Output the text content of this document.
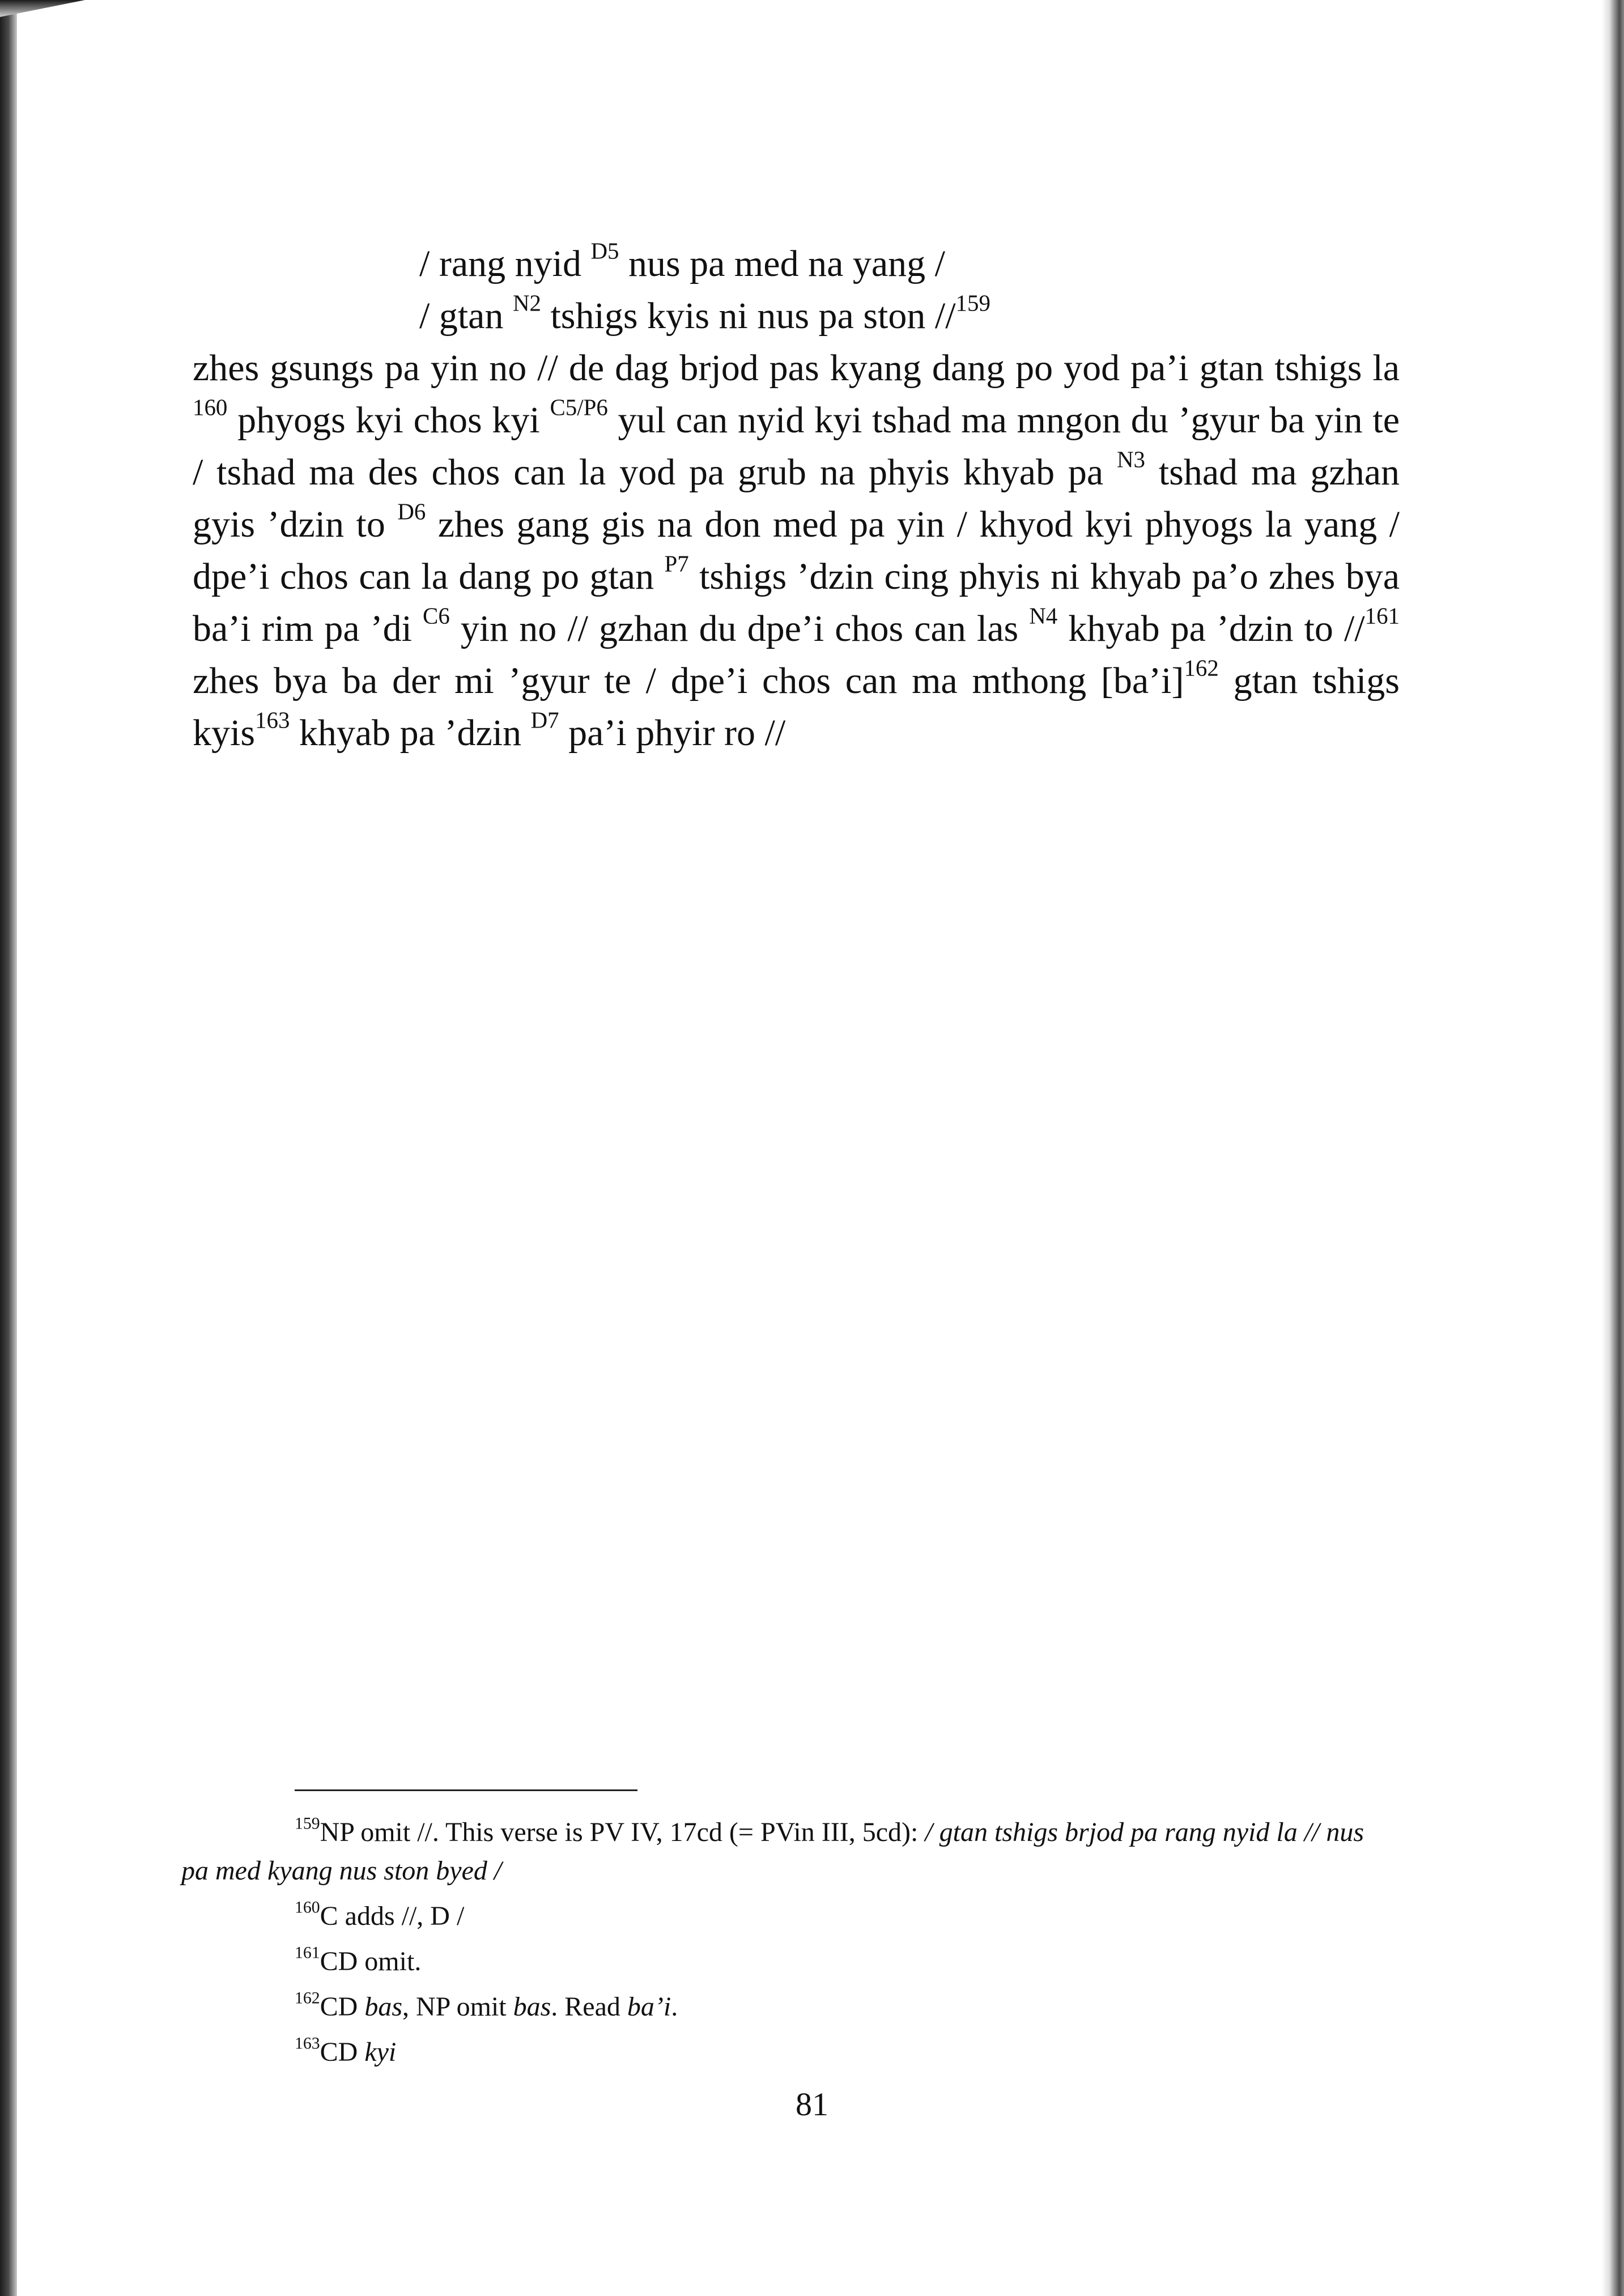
/ rang nyid $^{D5}$ nus pa med na yang /

/ gtan $^{N2}$ tshigs kyis ni nus pa ston //$^{159}$

zhes gsungs pa yin no // de dag brjod pas kyang dang po yod pa’i gtan tshigs la $^{160}$ phyogs kyi chos kyi $^{C5/P6}$ yul can nyid kyi tshad ma mngon du ’gyur ba yin te / tshad ma des chos can la yod pa grub na phyis khyab pa $^{N3}$ tshad ma gzhan gyis ’dzin to $^{D6}$ zhes gang gis na don med pa yin / khyod kyi phyogs la yang / dpe’i chos can la dang po gtan $^{P7}$ tshigs ’dzin cing phyis ni khyab pa’o zhes bya ba’i rim pa ’di $^{C6}$ yin no // gzhan du dpe’i chos can las $^{N4}$ khyab pa ’dzin to //$^{161}$ zhes bya ba der mi ’gyur te / dpe’i chos can ma mthong [ba’i]$^{162}$ gtan tshigs kyis$^{163}$ khyab pa ’dzin $^{D7}$ pa’i phyir ro //

$^{159}$NP omit //. This verse is PV IV, 17cd (= PVin III, 5cd): / gtan tshigs brjod pa rang nyid la // nus pa med kyang nus ston byed /

$^{160}$C adds //, D /

$^{161}$CD omit.

$^{162}$CD bas, NP omit bas. Read ba’i.

$^{163}$CD kyi

81
